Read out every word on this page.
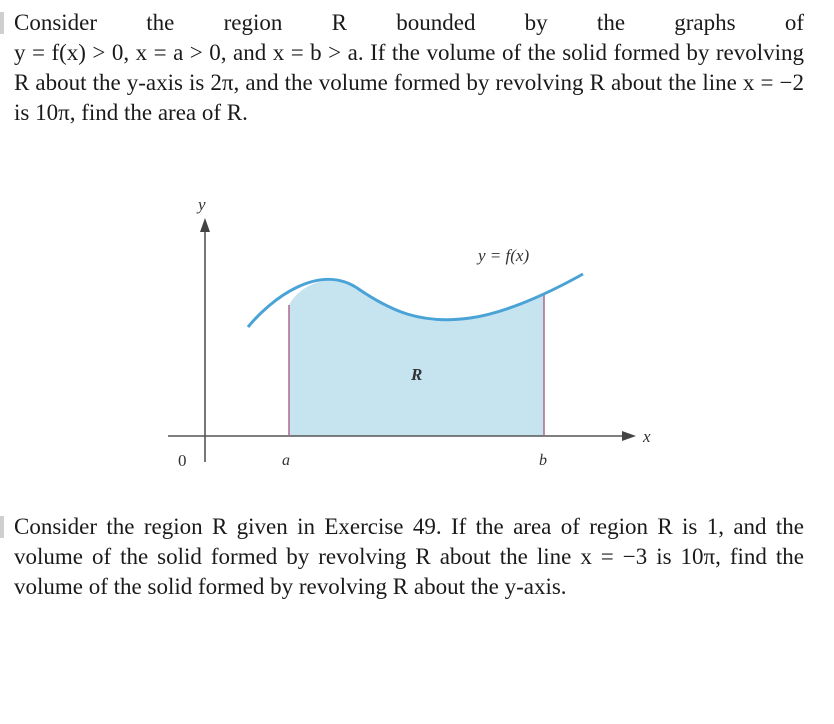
Consider the region R bounded by the graphs of
y = f(x) > 0, x = a > 0, and x = b > a. If the volume of the solid formed by revolving R about the y-axis is 2π, and the volume formed by revolving R about the line x = −2 is 10π, find the area of R.
y
x
0	a	b
y = f(x)
R
Consider the region R given in Exercise 49. If the area of region R is 1, and the volume of the solid formed by revolving R about the line x = −3 is 10π, find the volume of the solid formed by revolving R about the y-axis.
